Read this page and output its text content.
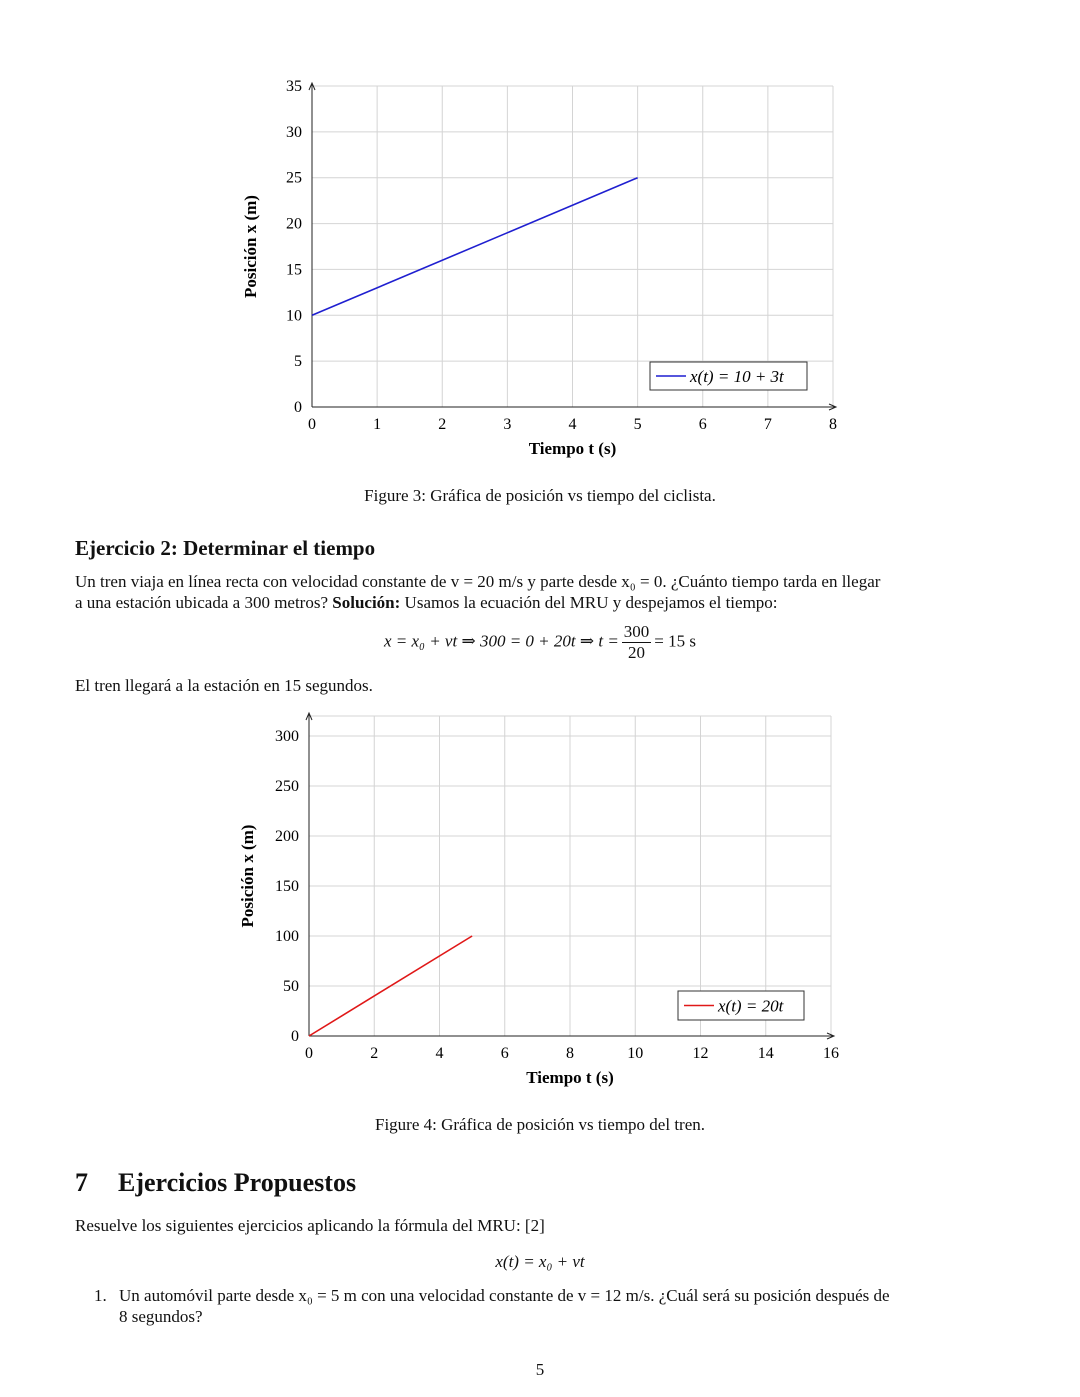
0	1	2	3	4	5	6	7	8
0
5
10
15
20
25
30
35
x(t) = 10 + 3t
Tiempo t (s)
Posición x (m)
Figure 3: Gráfica de posición vs tiempo del ciclista.
Ejercicio 2: Determinar el tiempo
Un tren viaja en línea recta con velocidad constante de v = 20 m/s y parte desde x₀ = 0. ¿Cuánto tiempo tarda en llegar
a una estación ubicada a 300 metros? Solución: Usamos la ecuación del MRU y despejamos el tiempo:
x = x₀ + vt ⇒ 300 = 0 + 20t ⇒ $t = \frac{300}{20} = 15$ s
El tren llegará a la estación en 15 segundos.
0	2	4	6	8	10	12	14	16
0
50
100
150
200
250
300
x(t) = 20t
Tiempo t (s)
Posición x (m)
Figure 4: Gráfica de posición vs tiempo del tren.
7 Ejercicios Propuestos
Resuelve los siguientes ejercicios aplicando la fórmula del MRU: [2]
x(t) = x₀ + vt
1. Un automóvil parte desde x₀ = 5 m con una velocidad constante de v = 12 m/s. ¿Cuál será su posición después de
8 segundos?
5
